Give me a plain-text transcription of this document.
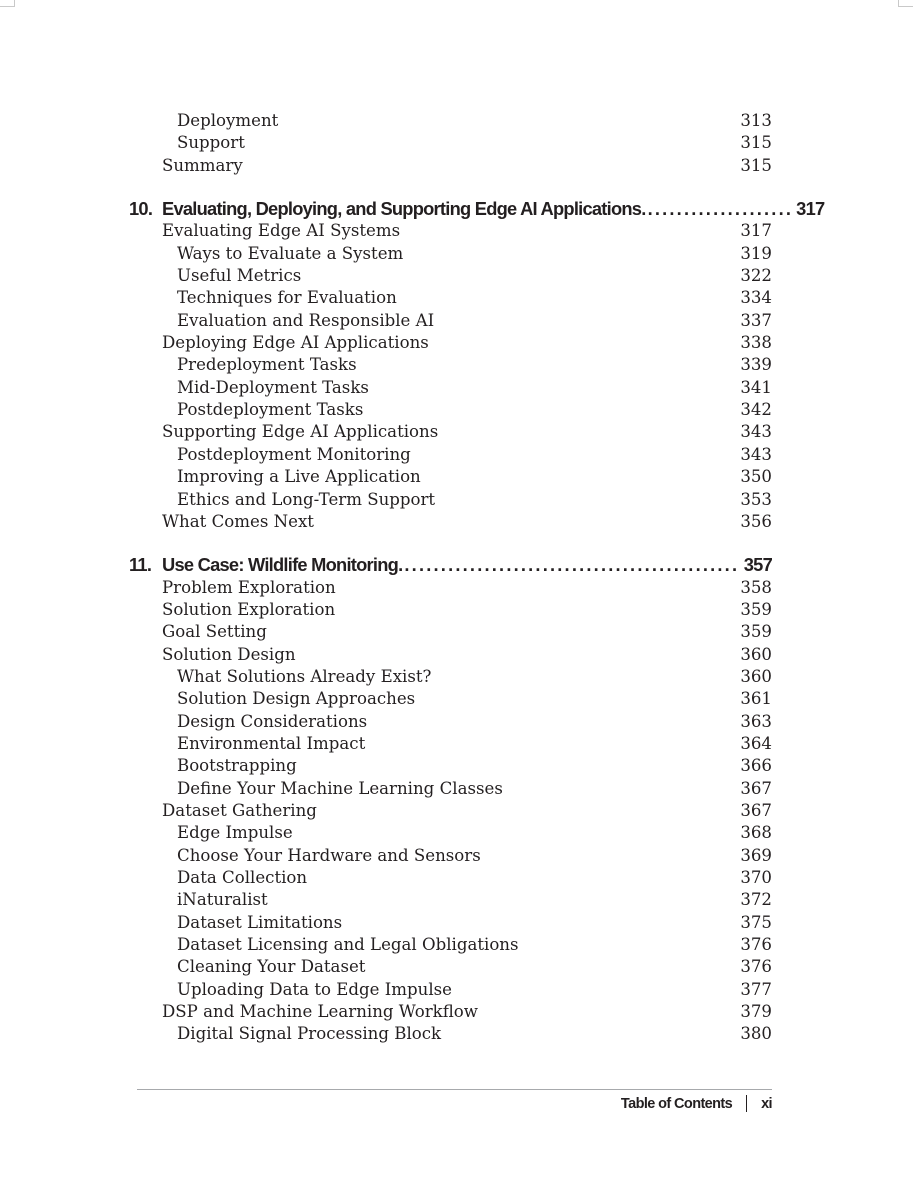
Deployment	313
Support	315
Summary	315
10. Evaluating, Deploying, and Supporting Edge AI Applications. .................... 317
Evaluating Edge AI Systems	317
Ways to Evaluate a System	319
Useful Metrics	322
Techniques for Evaluation	334
Evaluation and Responsible AI	337
Deploying Edge AI Applications	338
Predeployment Tasks	339
Mid-Deployment Tasks	341
Postdeployment Tasks	342
Supporting Edge AI Applications	343
Postdeployment Monitoring	343
Improving a Live Application	350
Ethics and Long-Term Support	353
What Comes Next	356
11. Use Case: Wildlife Monitoring. .............................................. 357
Problem Exploration	358
Solution Exploration	359
Goal Setting	359
Solution Design	360
What Solutions Already Exist?	360
Solution Design Approaches	361
Design Considerations	363
Environmental Impact	364
Bootstrapping	366
Define Your Machine Learning Classes	367
Dataset Gathering	367
Edge Impulse	368
Choose Your Hardware and Sensors	369
Data Collection	370
iNaturalist	372
Dataset Limitations	375
Dataset Licensing and Legal Obligations	376
Cleaning Your Dataset	376
Uploading Data to Edge Impulse	377
DSP and Machine Learning Workflow	379
Digital Signal Processing Block	380
Table of Contents xi
